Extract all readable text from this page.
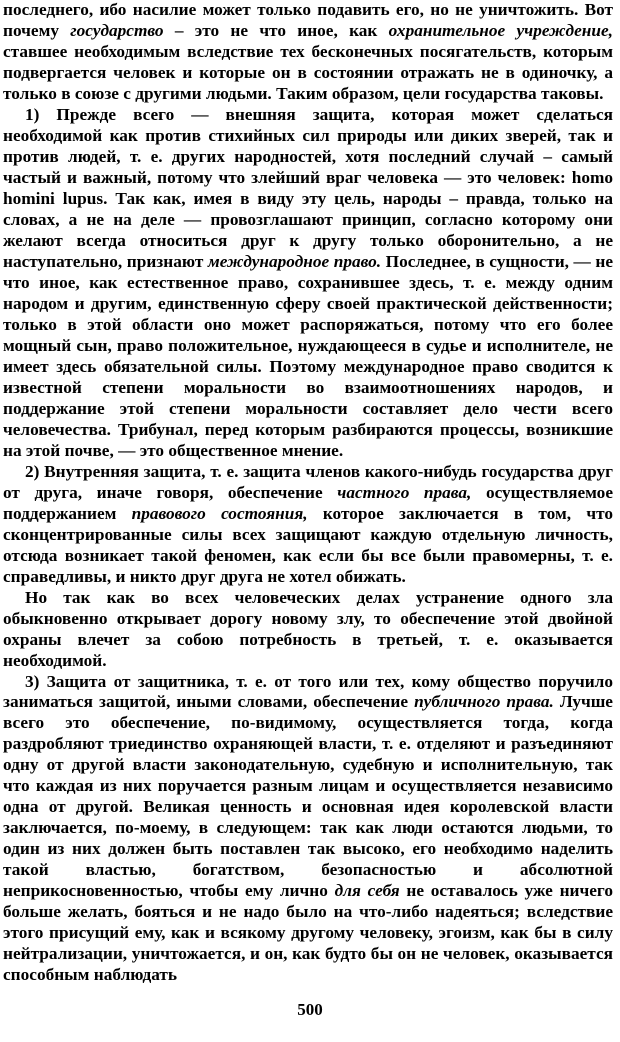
последнего, ибо насилие может только подавить его, но не уничтожить. Вот почему государство – это не что иное, как охранительное учреждение, ставшее необходимым вследствие тех бесконечных посягательств, которым подвергается человек и которые он в состоянии отражать не в одиночку, а только в союзе с другими людьми. Таким образом, цели государства таковы.

1) Прежде всего — внешняя защита, которая может сделаться необходимой как против стихийных сил природы или диких зверей, так и против людей, т. е. других народностей, хотя последний случай – самый частый и важный, потому что злейший враг человека — это человек: homo homini lupus. Так как, имея в виду эту цель, народы – правда, только на словах, а не на деле — провозглашают принцип, согласно которому они желают всегда относиться друг к другу только оборонительно, а не наступательно, признают международное право. Последнее, в сущности, — не что иное, как естественное право, сохранившее здесь, т. е. между одним народом и другим, единственную сферу своей практической действенности; только в этой области оно может распоряжаться, потому что его более мощный сын, право положительное, нуждающееся в судье и исполнителе, не имеет здесь обязательной силы. Поэтому международное право сводится к известной степени моральности во взаимоотношениях народов, и поддержание этой степени моральности составляет дело чести всего человечества. Трибунал, перед которым разбираются процессы, возникшие на этой почве, — это общественное мнение.

2) Внутренняя защита, т. е. защита членов какого-нибудь государства друг от друга, иначе говоря, обеспечение частного права, осуществляемое поддержанием правового состояния, которое заключается в том, что сконцентрированные силы всех защищают каждую отдельную личность, отсюда возникает такой феномен, как если бы все были правомерны, т. е. справедливы, и никто друг друга не хотел обижать.

Но так как во всех человеческих делах устранение одного зла обыкновенно открывает дорогу новому злу, то обеспечение этой двойной охраны влечет за собою потребность в третьей, т. е. оказывается необходимой.

3) Защита от защитника, т. е. от того или тех, кому общество поручило заниматься защитой, иными словами, обеспечение публичного права. Лучше всего это обеспечение, по-видимому, осуществляется тогда, когда раздробляют триединство охраняющей власти, т. е. отделяют и разъединяют одну от другой власти законодательную, судебную и исполнительную, так что каждая из них поручается разным лицам и осуществляется независимо одна от другой. Великая ценность и основная идея королевской власти заключается, по-моему, в следующем: так как люди остаются людьми, то один из них должен быть поставлен так высоко, его необходимо наделить такой властью, богатством, безопасностью и абсолютной неприкосновенностью, чтобы ему лично для себя не оставалось уже ничего больше желать, бояться и не надо было на что-либо надеяться; вследствие этого присущий ему, как и всякому другому человеку, эгоизм, как бы в силу нейтрализации, уничтожается, и он, как будто бы он не человек, оказывается способным наблюдать

500
